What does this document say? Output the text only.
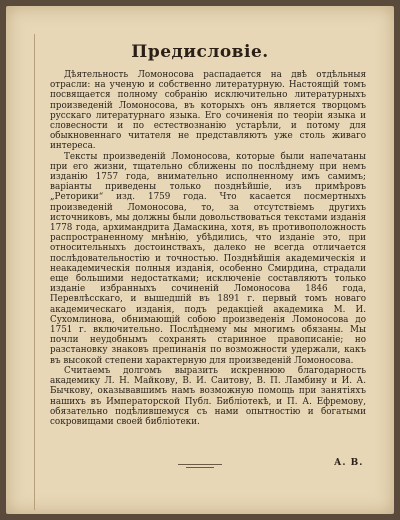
Предисловіе.

Дѣятельность Ломоносова распадается на двѣ отдѣльныя отрасли: на ученую и собственно литературную. Настоящій томъ посвящается полному собранію исключительно литературныхъ произведеній Ломоносова, въ которыхъ онъ является творцомъ русскаго литературнаго языка. Его сочиненія по теоріи языка и словесности и по естествознанію устарѣли, и потому для обыкновеннаго читателя не представляютъ уже столь живаго интереса.

Тексты произведеній Ломоносова, которые были напечатаны при его жизни, тщательно сближены по послѣднему при немъ изданію 1757 года, внимательно исполненному имъ самимъ; варіанты приведены только позднѣйшіе, изъ примѣровъ „Реторики“ изд. 1759 года. Что касается посмертныхъ произведеній Ломоносова, то, за отсутствіемъ другихъ источниковъ, мы должны были довольствоваться текстами изданія 1778 года, архимандрита Дамаскина, хотя, въ противоположность распространенному мнѣнію, убѣдились, что изданіе это, при относительныхъ достоинствахъ, далеко не всегда отличается послѣдовательностію и точностью. Позднѣйшія академическія и неакадемическія полныя изданія, особенно Смирдина, страдали еще большими недостатками; исключеніе составляютъ только изданіе избранныхъ сочиненій Ломоносова 1846 года, Перевлѣсскаго, и вышедшій въ 1891 г. первый томъ новаго академическаго изданія, подъ редакціей академика М. И. Сухомлинова, обнимающій собою произведенія Ломоносова до 1751 г. включительно. Послѣднему мы многимъ обязаны. Мы почли неудобнымъ сохранять старинное правописаніе; но разстановку знаковъ препинанія по возможности удержали, какъ въ высокой степени характерную для произведеній Ломоносова.

Считаемъ долгомъ выразить искреннюю благодарность академику Л. Н. Майкову, В. И. Саитову, В. П. Ламбину и И. А. Бычкову, оказывавшимъ намъ возможную помощь при занятіяхъ нашихъ въ Императорской Публ. Библіотекѣ, и П. А. Ефремову, обязательно подѣлившемуся съ нами опытностію и богатыми сокровищами своей библіотеки.

А. В.
